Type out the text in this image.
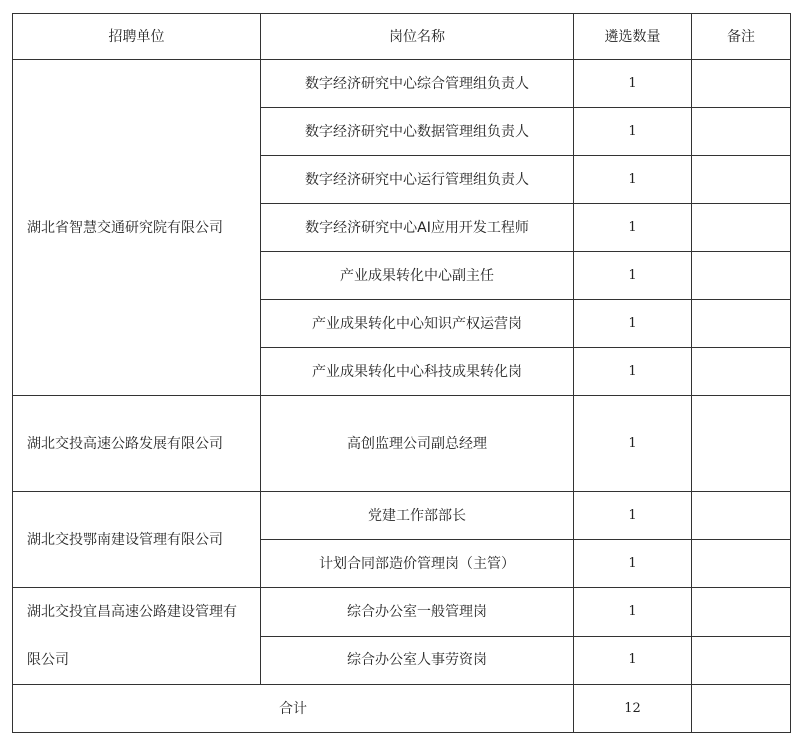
招聘单位	岗位名称	遴选数量	备注
湖北省智慧交通研究院有限公司	数字经济研究中心综合管理组负责人	1	
	数字经济研究中心数据管理组负责人	1	
	数字经济研究中心运行管理组负责人	1	
	数字经济研究中心AI应用开发工程师	1	
	产业成果转化中心副主任	1	
	产业成果转化中心知识产权运营岗	1	
	产业成果转化中心科技成果转化岗	1	
湖北交投高速公路发展有限公司	高创监理公司副总经理	1	
湖北交投鄂南建设管理有限公司	党建工作部部长	1	
	计划合同部造价管理岗（主管）	1	
湖北交投宜昌高速公路建设管理有限公司	综合办公室一般管理岗	1	
	综合办公室人事劳资岗	1	
合计		12	
